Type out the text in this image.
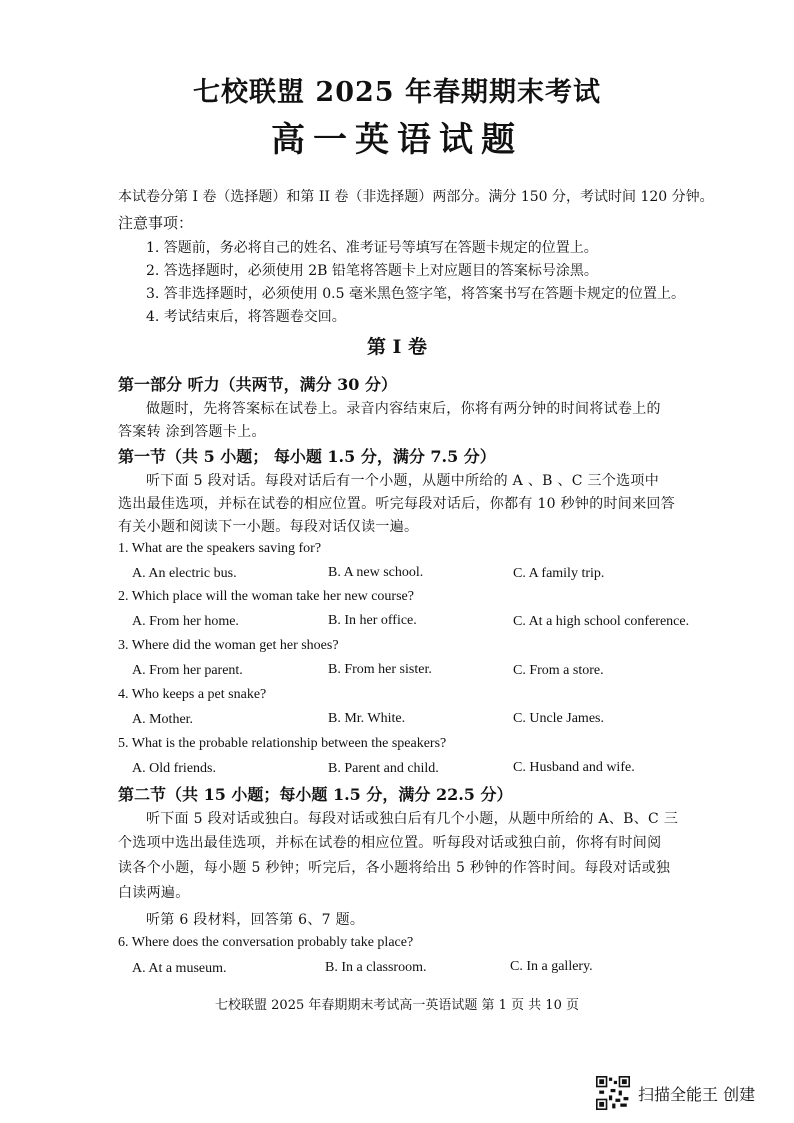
七校联盟 2025 年春期期末考试
高一英语试题
本试卷分第 I 卷（选择题）和第 II 卷（非选择题）两部分。满分 150 分，考试时间 120 分钟。
注意事项：
1. 答题前，务必将自己的姓名、准考证号等填写在答题卡规定的位置上。
2. 答选择题时，必须使用 2B 铅笔将答题卡上对应题目的答案标号涂黑。
3. 答非选择题时，必须使用 0.5 毫米黑色签字笔，将答案书写在答题卡规定的位置上。
4. 考试结束后，将答题卷交回。
第 I 卷
第一部分 听力（共两节，满分 30 分）
做题时，先将答案标在试卷上。录音内容结束后，你将有两分钟的时间将试卷上的
答案转 涂到答题卡上。
第一节（共 5 小题； 每小题 1.5 分，满分 7.5 分）
听下面 5 段对话。每段对话后有一个小题，从题中所给的 A 、B 、C 三个选项中
选出最佳选项，并标在试卷的相应位置。听完每段对话后，你都有 10 秒钟的时间来回答
有关小题和阅读下一小题。每段对话仅读一遍。
1. What are the speakers saving for?
A. An electric bus.	B. A new school.	C. A family trip.
2. Which place will the woman take her new course?
A. From her home.	B. In her office.	C. At a high school conference.
3. Where did the woman get her shoes?
A. From her parent.	B. From her sister.	C. From a store.
4. Who keeps a pet snake?
A. Mother.	B. Mr. White.	C. Uncle James.
5. What is the probable relationship between the speakers?
A. Old friends.	B. Parent and child.	C. Husband and wife.
第二节（共 15 小题；每小题 1.5 分，满分 22.5 分）
听下面 5 段对话或独白。每段对话或独白后有几个小题，从题中所给的 A、B、C 三
个选项中选出最佳选项，并标在试卷的相应位置。听每段对话或独白前，你将有时间阅
读各个小题，每小题 5 秒钟；听完后，各小题将给出 5 秒钟的作答时间。每段对话或独
白读两遍。
听第 6 段材料，回答第 6、7 题。
6. Where does the conversation probably take place?
A. At a museum.	B. In a classroom.	C. In a gallery.
七校联盟 2025 年春期期末考试高一英语试题 第 1 页 共 10 页
扫描全能王 创建
